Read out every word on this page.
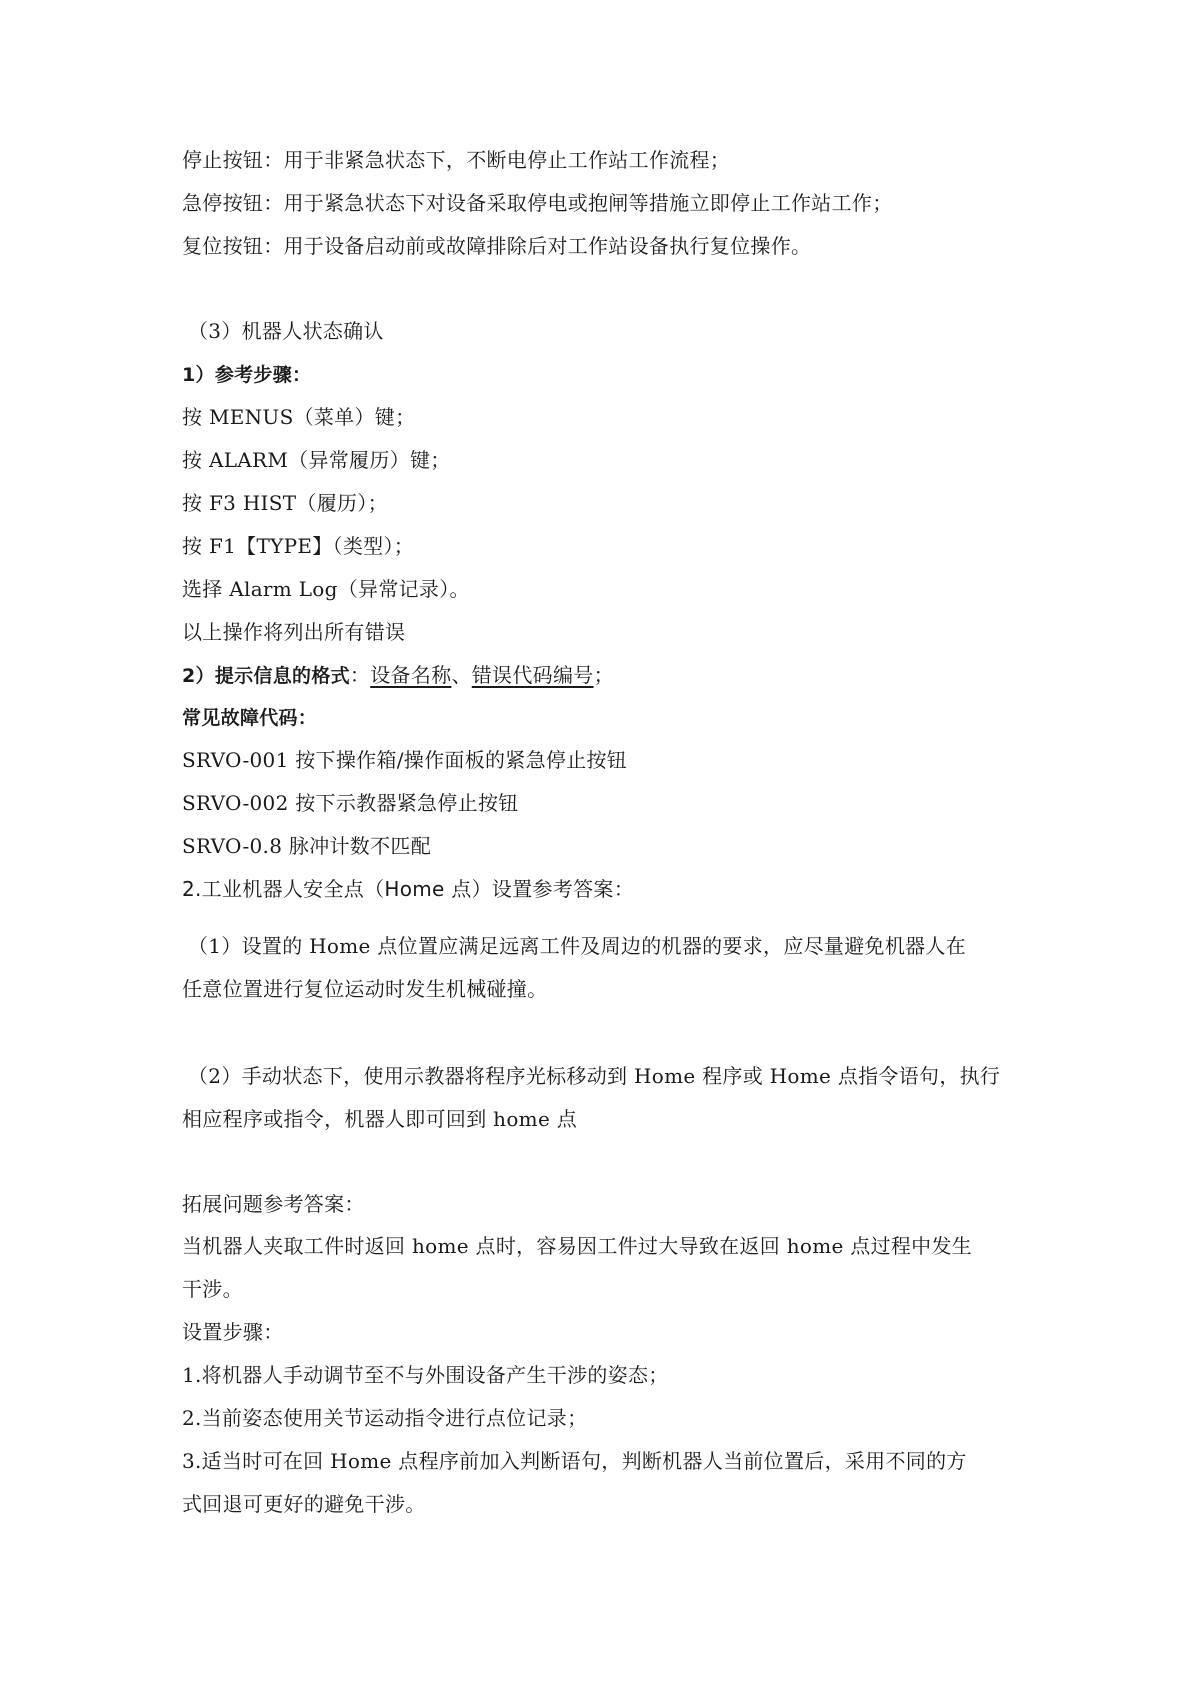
停止按钮：用于非紧急状态下，不断电停止工作站工作流程；
急停按钮：用于紧急状态下对设备采取停电或抱闸等措施立即停止工作站工作；
复位按钮：用于设备启动前或故障排除后对工作站设备执行复位操作。
（3）机器人状态确认
1）参考步骤：
按 MENUS（菜单）键；
按 ALARM（异常履历）键；
按 F3 HIST（履历）；
按 F1【TYPE】（类型）；
选择 Alarm Log（异常记录）。
以上操作将列出所有错误
2）提示信息的格式：设备名称、错误代码编号；
常见故障代码：
SRVO-001 按下操作箱/操作面板的紧急停止按钮
SRVO-002 按下示教器紧急停止按钮
SRVO-0.8 脉冲计数不匹配
2.工业机器人安全点（Home 点）设置参考答案：
（1）设置的 Home 点位置应满足远离工件及周边的机器的要求，应尽量避免机器人在
任意位置进行复位运动时发生机械碰撞。
（2）手动状态下，使用示教器将程序光标移动到 Home 程序或 Home 点指令语句，执行
相应程序或指令，机器人即可回到 home 点
拓展问题参考答案：
当机器人夹取工件时返回 home 点时，容易因工件过大导致在返回 home 点过程中发生
干涉。
设置步骤：
1.将机器人手动调节至不与外围设备产生干涉的姿态；
2.当前姿态使用关节运动指令进行点位记录；
3.适当时可在回 Home 点程序前加入判断语句，判断机器人当前位置后，采用不同的方
式回退可更好的避免干涉。
